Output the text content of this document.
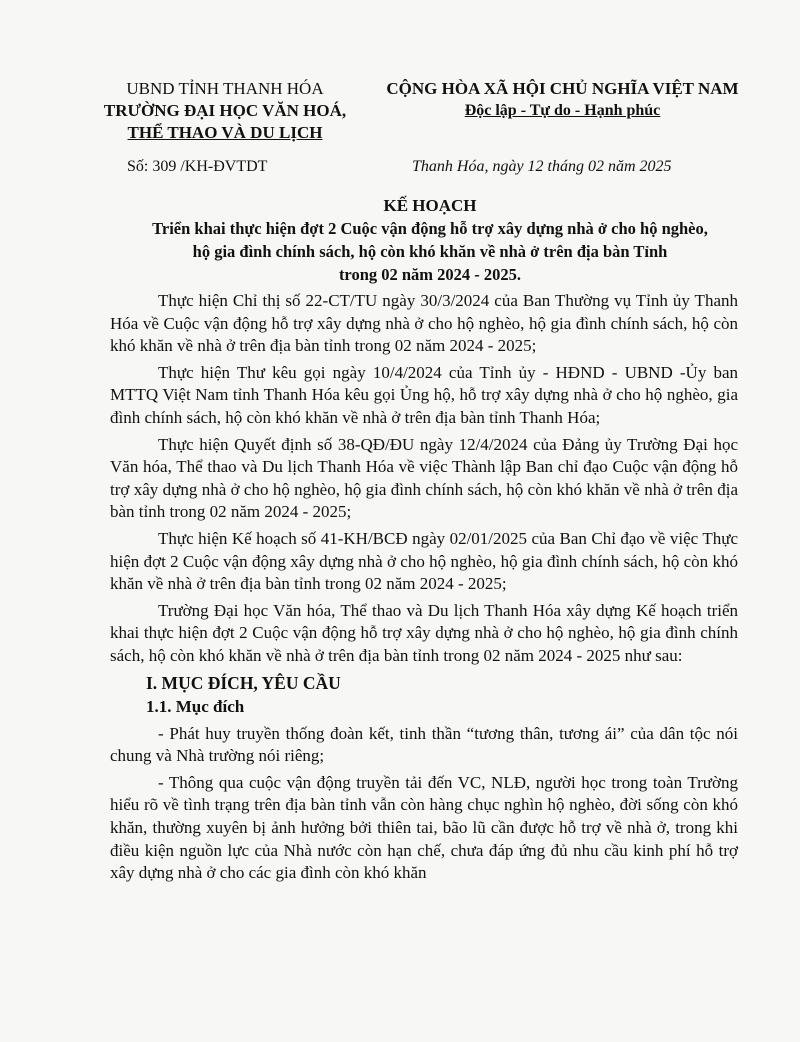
UBND TỈNH THANH HÓA
TRƯỜNG ĐẠI HỌC VĂN HOÁ,
THỂ THAO VÀ DU LỊCH
CỘNG HÒA XÃ HỘI CHỦ NGHĨA VIỆT NAM
Độc lập - Tự do - Hạnh phúc
Số: 309 /KH-ĐVTDT	Thanh Hóa, ngày 12 tháng 02 năm 2025
KẾ HOẠCH
Triển khai thực hiện đợt 2 Cuộc vận động hỗ trợ xây dựng nhà ở cho hộ nghèo,
hộ gia đình chính sách, hộ còn khó khăn về nhà ở trên địa bàn Tỉnh
trong 02 năm 2024 - 2025.

Thực hiện Chỉ thị số 22-CT/TU ngày 30/3/2024 của Ban Thường vụ Tỉnh ủy Thanh Hóa về Cuộc vận động hỗ trợ xây dựng nhà ở cho hộ nghèo, hộ gia đình chính sách, hộ còn khó khăn về nhà ở trên địa bàn tỉnh trong 02 năm 2024 - 2025;

Thực hiện Thư kêu gọi ngày 10/4/2024 của Tỉnh ủy - HĐND - UBND -Ủy ban MTTQ Việt Nam tỉnh Thanh Hóa kêu gọi Ủng hộ, hỗ trợ xây dựng nhà ở cho hộ nghèo, gia đình chính sách, hộ còn khó khăn về nhà ở trên địa bàn tỉnh Thanh Hóa;

Thực hiện Quyết định số 38-QĐ/ĐU ngày 12/4/2024 của Đảng ủy Trường Đại học Văn hóa, Thể thao và Du lịch Thanh Hóa về việc Thành lập Ban chỉ đạo Cuộc vận động hỗ trợ xây dựng nhà ở cho hộ nghèo, hộ gia đình chính sách, hộ còn khó khăn về nhà ở trên địa bàn tỉnh trong 02 năm 2024 - 2025;

Thực hiện Kế hoạch số 41-KH/BCĐ ngày 02/01/2025 của Ban Chỉ đạo về việc Thực hiện đợt 2 Cuộc vận động xây dựng nhà ở cho hộ nghèo, hộ gia đình chính sách, hộ còn khó khăn về nhà ở trên địa bàn tỉnh trong 02 năm 2024 - 2025;

Trường Đại học Văn hóa, Thể thao và Du lịch Thanh Hóa xây dựng Kế hoạch triển khai thực hiện đợt 2 Cuộc vận động hỗ trợ xây dựng nhà ở cho hộ nghèo, hộ gia đình chính sách, hộ còn khó khăn về nhà ở trên địa bàn tỉnh trong 02 năm 2024 - 2025 như sau:

I. MỤC ĐÍCH, YÊU CẦU

1.1. Mục đích

- Phát huy truyền thống đoàn kết, tinh thần “tương thân, tương ái” của dân tộc nói chung và Nhà trường nói riêng;

- Thông qua cuộc vận động truyền tải đến VC, NLĐ, người học trong toàn Trường hiểu rõ về tình trạng trên địa bàn tỉnh vẫn còn hàng chục nghìn hộ nghèo, đời sống còn khó khăn, thường xuyên bị ảnh hưởng bởi thiên tai, bão lũ cần được hỗ trợ về nhà ở, trong khi điều kiện nguồn lực của Nhà nước còn hạn chế, chưa đáp ứng đủ nhu cầu kinh phí hỗ trợ xây dựng nhà ở cho các gia đình còn khó khăn
